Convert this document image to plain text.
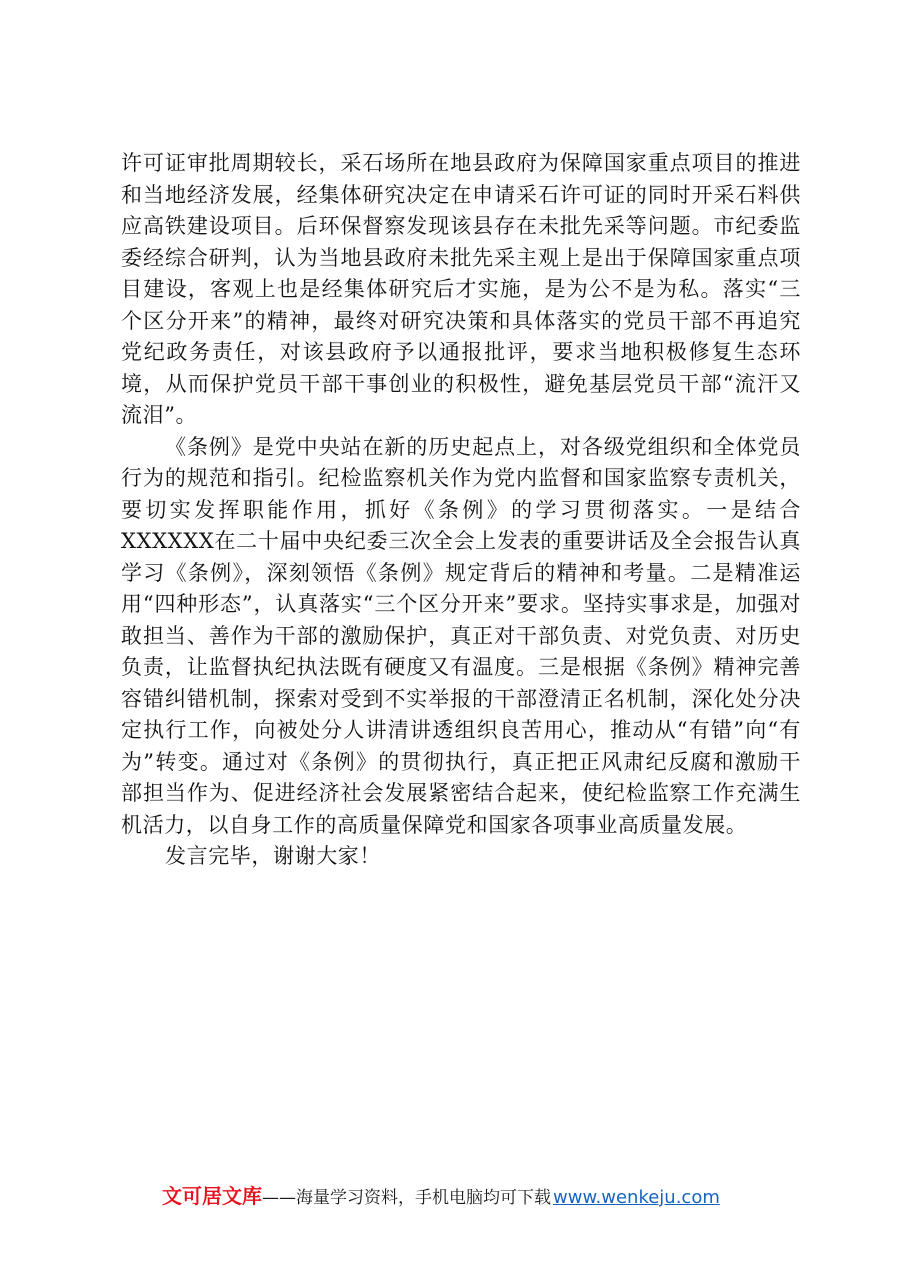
许可证审批周期较长，采石场所在地县政府为保障国家重点项目的推进和当地经济发展，经集体研究决定在申请采石许可证的同时开采石料供应高铁建设项目。后环保督察发现该县存在未批先采等问题。市纪委监委经综合研判，认为当地县政府未批先采主观上是出于保障国家重点项目建设，客观上也是经集体研究后才实施，是为公不是为私。落实“三个区分开来”的精神，最终对研究决策和具体落实的党员干部不再追究党纪政务责任，对该县政府予以通报批评，要求当地积极修复生态环境，从而保护党员干部干事创业的积极性，避免基层党员干部“流汗又流泪”。

《条例》是党中央站在新的历史起点上，对各级党组织和全体党员行为的规范和指引。纪检监察机关作为党内监督和国家监察专责机关，要切实发挥职能作用，抓好《条例》的学习贯彻落实。一是结合XXXXXX在二十届中央纪委三次全会上发表的重要讲话及全会报告认真学习《条例》，深刻领悟《条例》规定背后的精神和考量。二是精准运用“四种形态”，认真落实“三个区分开来”要求。坚持实事求是，加强对敢担当、善作为干部的激励保护，真正对干部负责、对党负责、对历史负责，让监督执纪执法既有硬度又有温度。三是根据《条例》精神完善容错纠错机制，探索对受到不实举报的干部澄清正名机制，深化处分决定执行工作，向被处分人讲清讲透组织良苦用心，推动从“有错”向“有为”转变。通过对《条例》的贯彻执行，真正把正风肃纪反腐和激励干部担当作为、促进经济社会发展紧密结合起来，使纪检监察工作充满生机活力，以自身工作的高质量保障党和国家各项事业高质量发展。

发言完毕，谢谢大家！

文可居文库——海量学习资料，手机电脑均可下载 www.wenkeju.com
